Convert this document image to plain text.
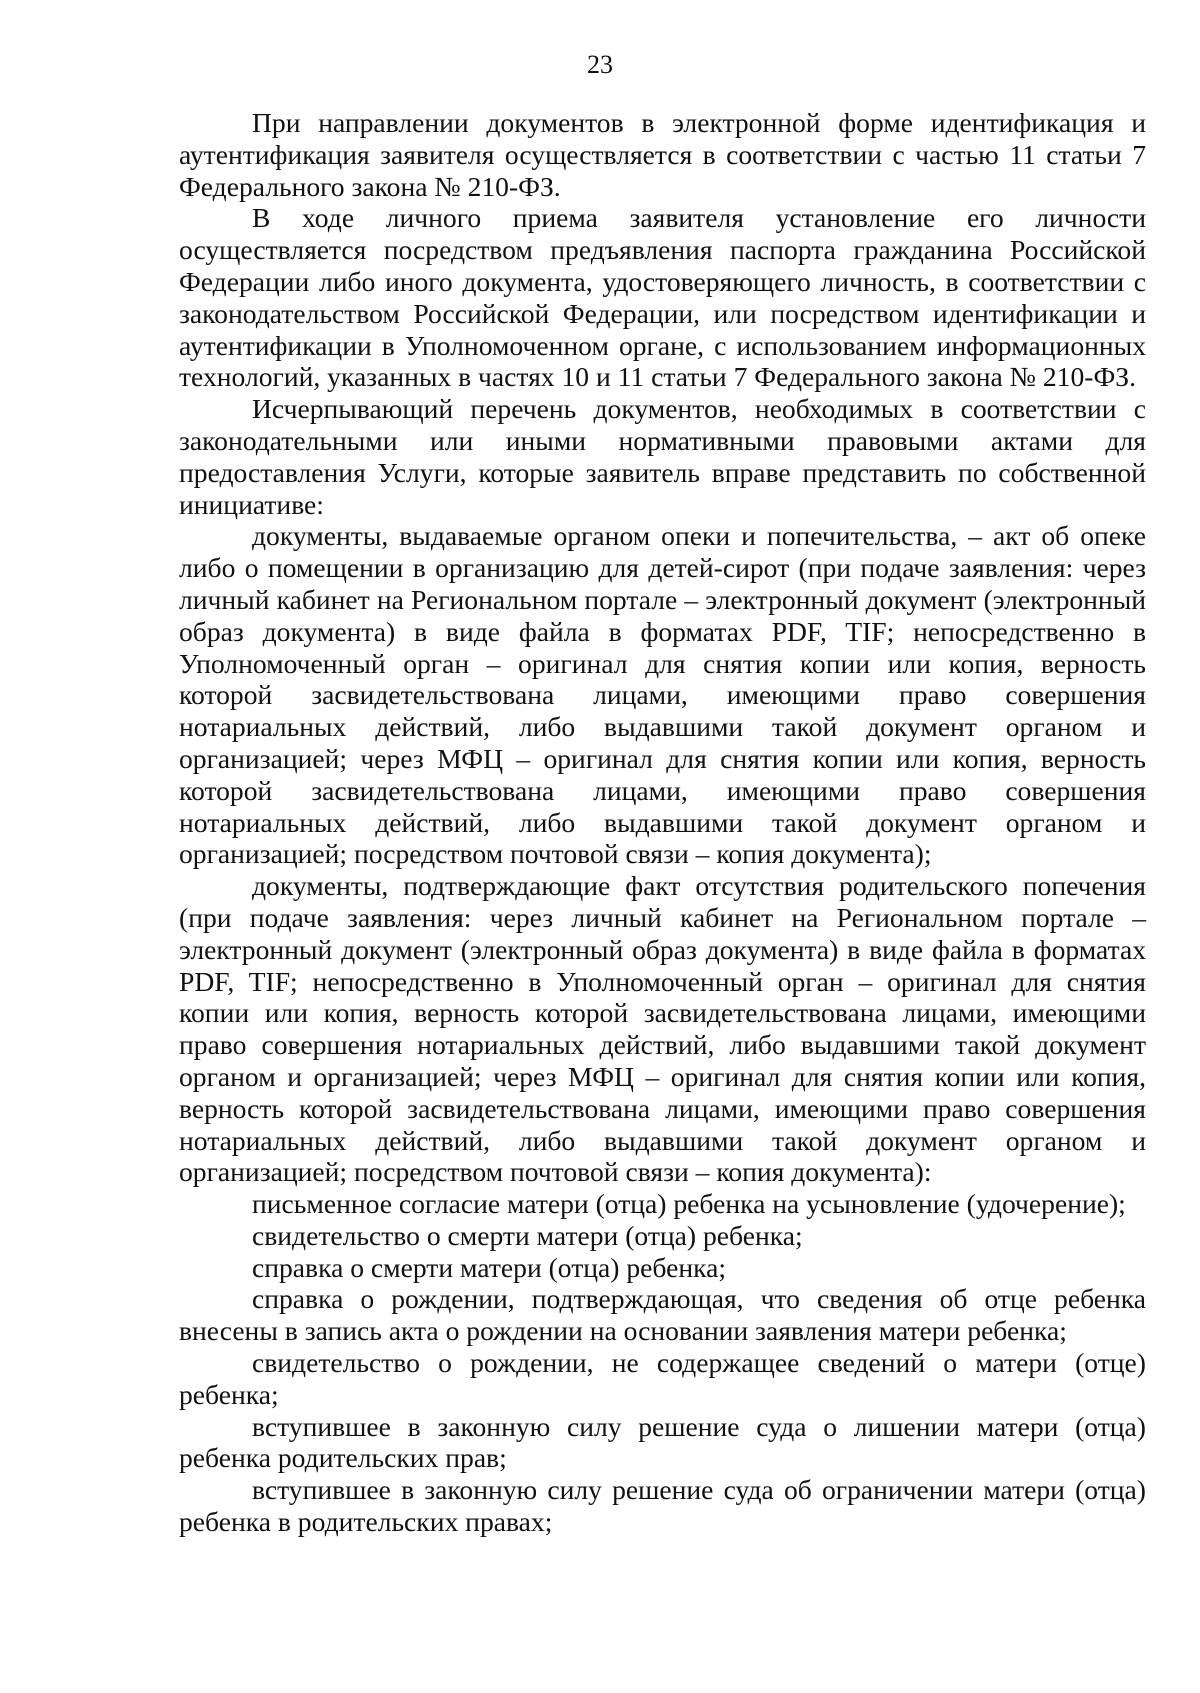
23

При направлении документов в электронной форме идентификация и аутентификация заявителя осуществляется в соответствии с частью 11 статьи 7 Федерального закона № 210-ФЗ.

В ходе личного приема заявителя установление его личности осуществляется посредством предъявления паспорта гражданина Российской Федерации либо иного документа, удостоверяющего личность, в соответствии с законодательством Российской Федерации, или посредством идентификации и аутентификации в Уполномоченном органе, с использованием информационных технологий, указанных в частях 10 и 11 статьи 7 Федерального закона № 210-ФЗ.

Исчерпывающий перечень документов, необходимых в соответствии с законодательными или иными нормативными правовыми актами для предоставления Услуги, которые заявитель вправе представить по собственной инициативе:

документы, выдаваемые органом опеки и попечительства, – акт об опеке либо о помещении в организацию для детей-сирот (при подаче заявления: через личный кабинет на Региональном портале – электронный документ (электронный образ документа) в виде файла в форматах PDF, TIF; непосредственно в Уполномоченный орган – оригинал для снятия копии или копия, верность которой засвидетельствована лицами, имеющими право совершения нотариальных действий, либо выдавшими такой документ органом и организацией; через МФЦ – оригинал для снятия копии или копия, верность которой засвидетельствована лицами, имеющими право совершения нотариальных действий, либо выдавшими такой документ органом и организацией; посредством почтовой связи – копия документа);

документы, подтверждающие факт отсутствия родительского попечения (при подаче заявления: через личный кабинет на Региональном портале – электронный документ (электронный образ документа) в виде файла в форматах PDF, TIF; непосредственно в Уполномоченный орган – оригинал для снятия копии или копия, верность которой засвидетельствована лицами, имеющими право совершения нотариальных действий, либо выдавшими такой документ органом и организацией; через МФЦ – оригинал для снятия копии или копия, верность которой засвидетельствована лицами, имеющими право совершения нотариальных действий, либо выдавшими такой документ органом и организацией; посредством почтовой связи – копия документа):

письменное согласие матери (отца) ребенка на усыновление (удочерение);

свидетельство о смерти матери (отца) ребенка;

справка о смерти матери (отца) ребенка;

справка о рождении, подтверждающая, что сведения об отце ребенка внесены в запись акта о рождении на основании заявления матери ребенка;

свидетельство о рождении, не содержащее сведений о матери (отце) ребенка;

вступившее в законную силу решение суда о лишении матери (отца) ребенка родительских прав;

вступившее в законную силу решение суда об ограничении матери (отца) ребенка в родительских правах;
